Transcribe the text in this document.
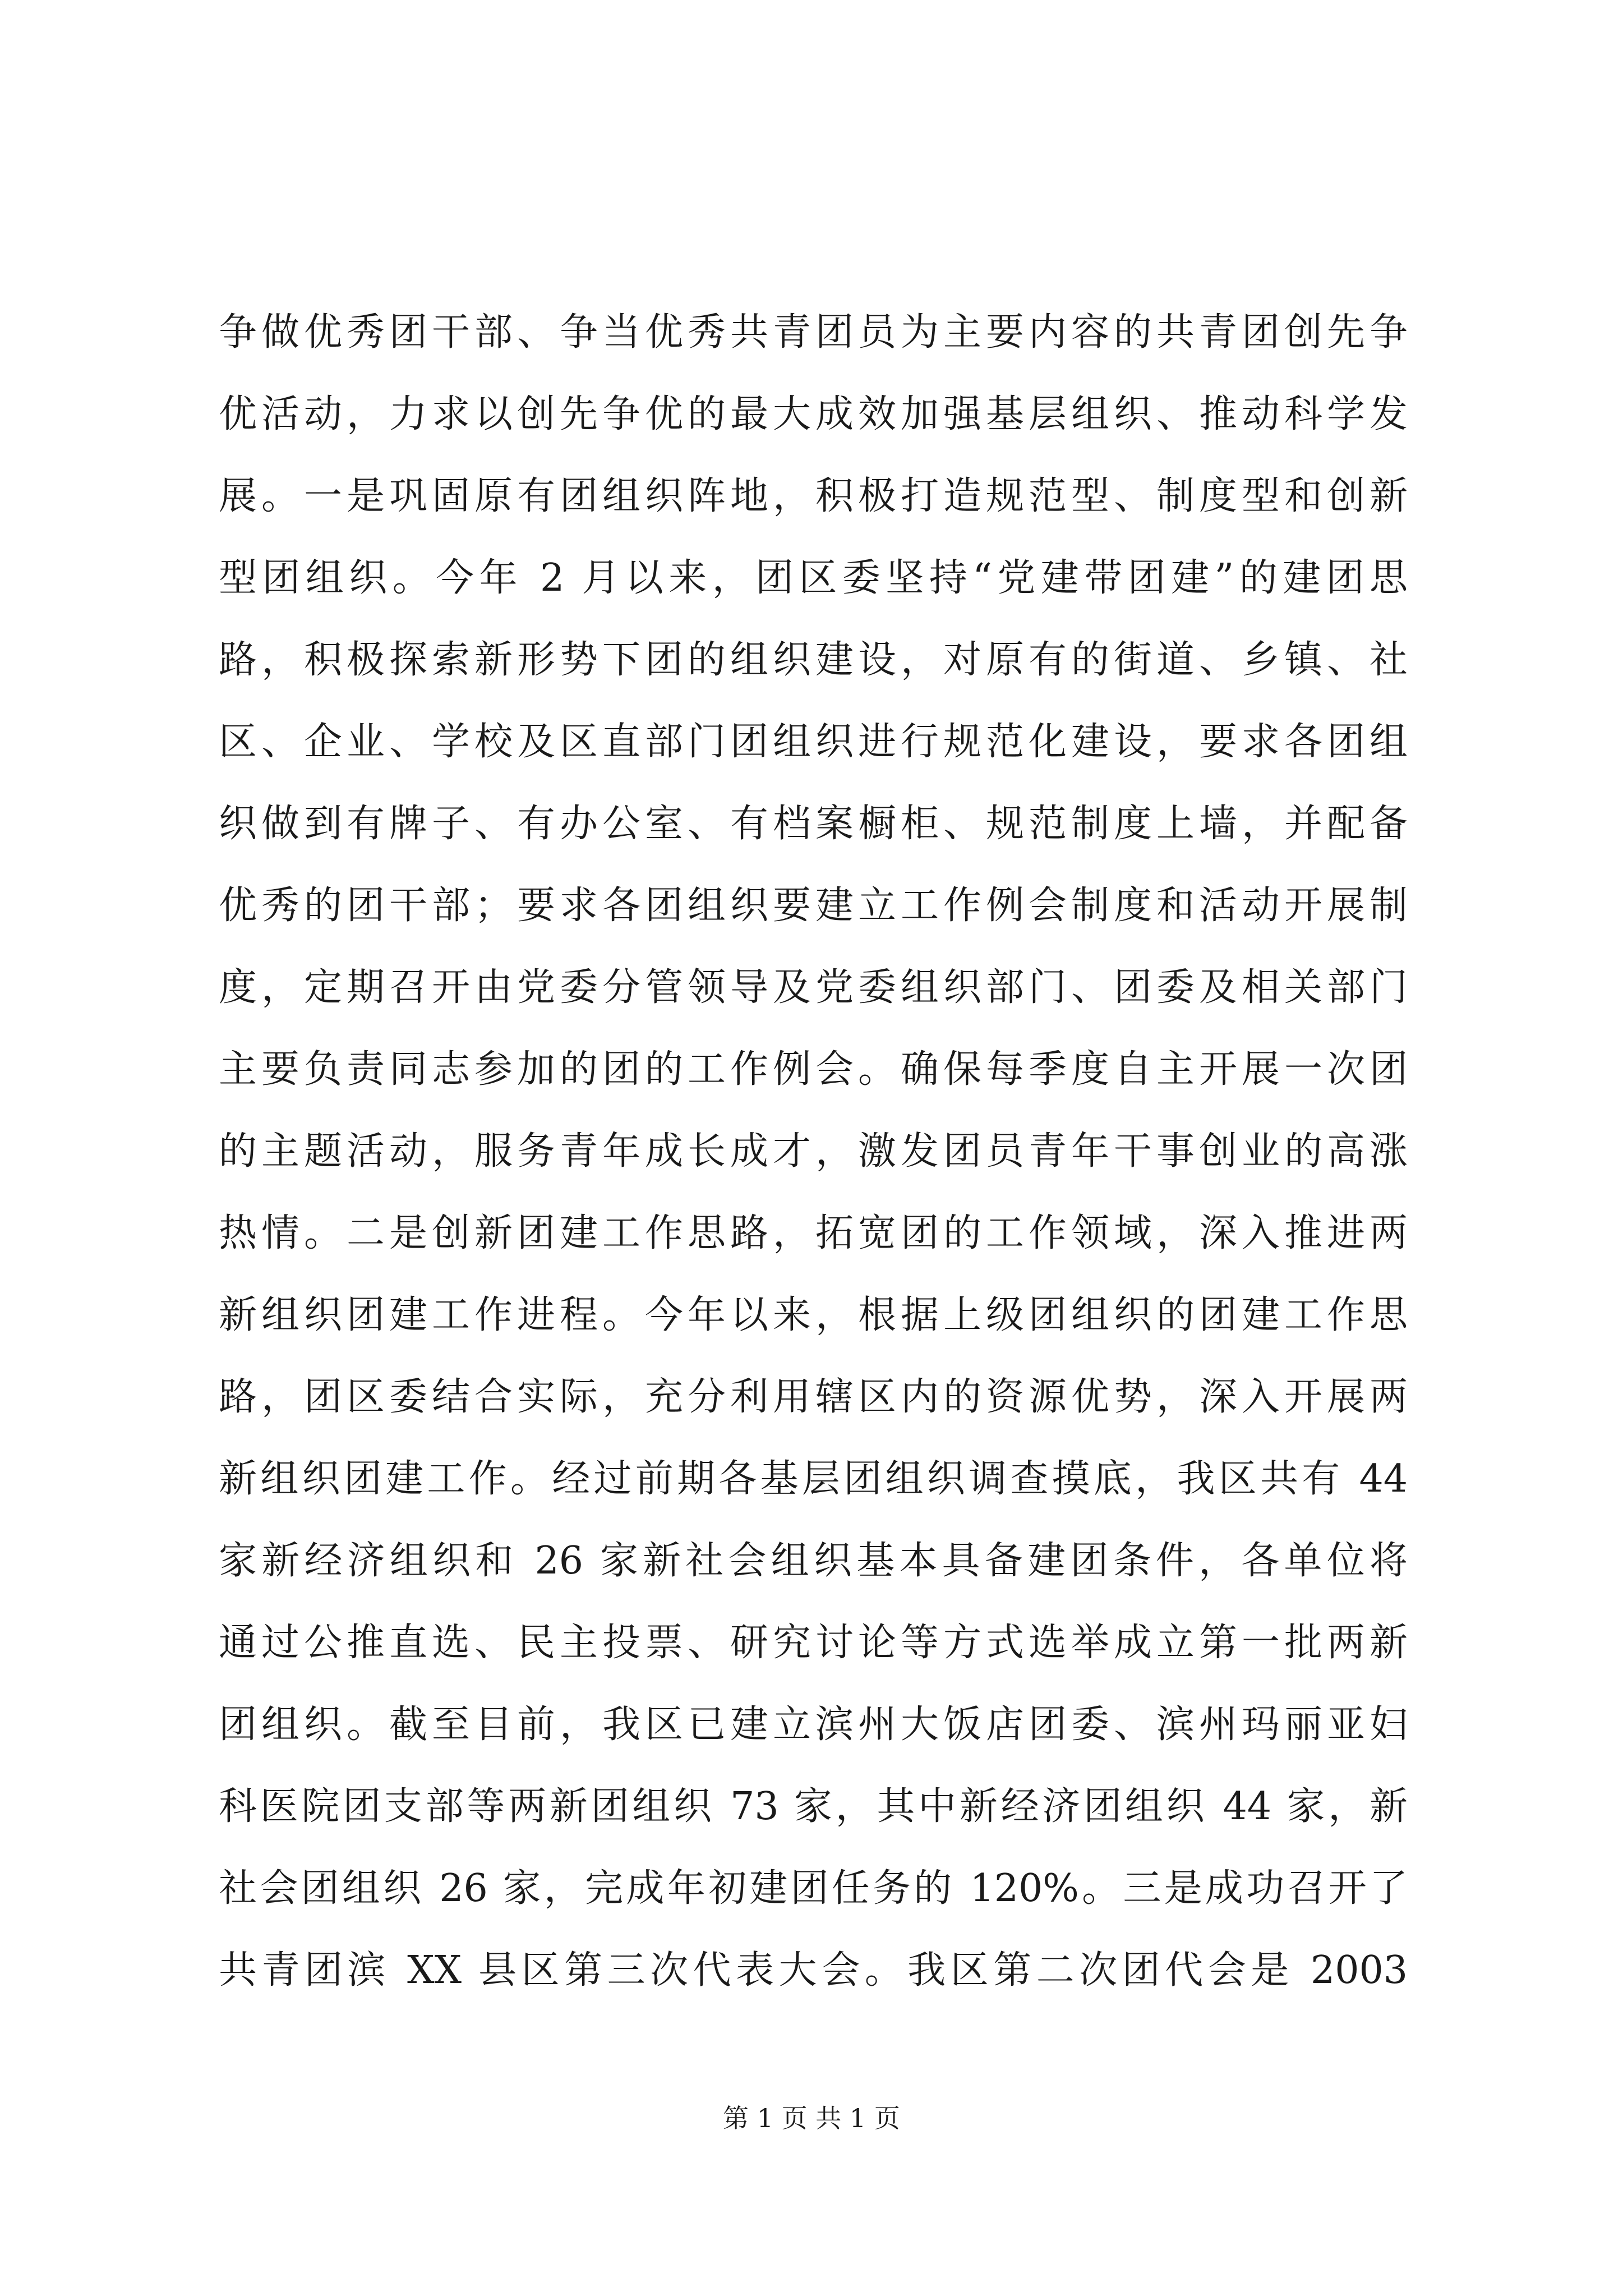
争做优秀团干部、争当优秀共青团员为主要内容的共青团创先争
优活动，力求以创先争优的最大成效加强基层组织、推动科学发
展。一是巩固原有团组织阵地，积极打造规范型、制度型和创新
型团组织。今年 2 月以来，团区委坚持“党建带团建”的建团思
路，积极探索新形势下团的组织建设，对原有的街道、乡镇、社
区、企业、学校及区直部门团组织进行规范化建设，要求各团组
织做到有牌子、有办公室、有档案橱柜、规范制度上墙，并配备
优秀的团干部；要求各团组织要建立工作例会制度和活动开展制
度，定期召开由党委分管领导及党委组织部门、团委及相关部门
主要负责同志参加的团的工作例会。确保每季度自主开展一次团
的主题活动，服务青年成长成才，激发团员青年干事创业的高涨
热情。二是创新团建工作思路，拓宽团的工作领域，深入推进两
新组织团建工作进程。今年以来，根据上级团组织的团建工作思
路，团区委结合实际，充分利用辖区内的资源优势，深入开展两
新组织团建工作。经过前期各基层团组织调查摸底，我区共有 44
家新经济组织和 26 家新社会组织基本具备建团条件，各单位将
通过公推直选、民主投票、研究讨论等方式选举成立第一批两新
团组织。截至目前，我区已建立滨州大饭店团委、滨州玛丽亚妇
科医院团支部等两新团组织 73 家，其中新经济团组织 44 家，新
社会团组织 26 家，完成年初建团任务的 120%。三是成功召开了
共青团滨 XX 县区第三次代表大会。我区第二次团代会是 2003
第 1 页 共 1 页
